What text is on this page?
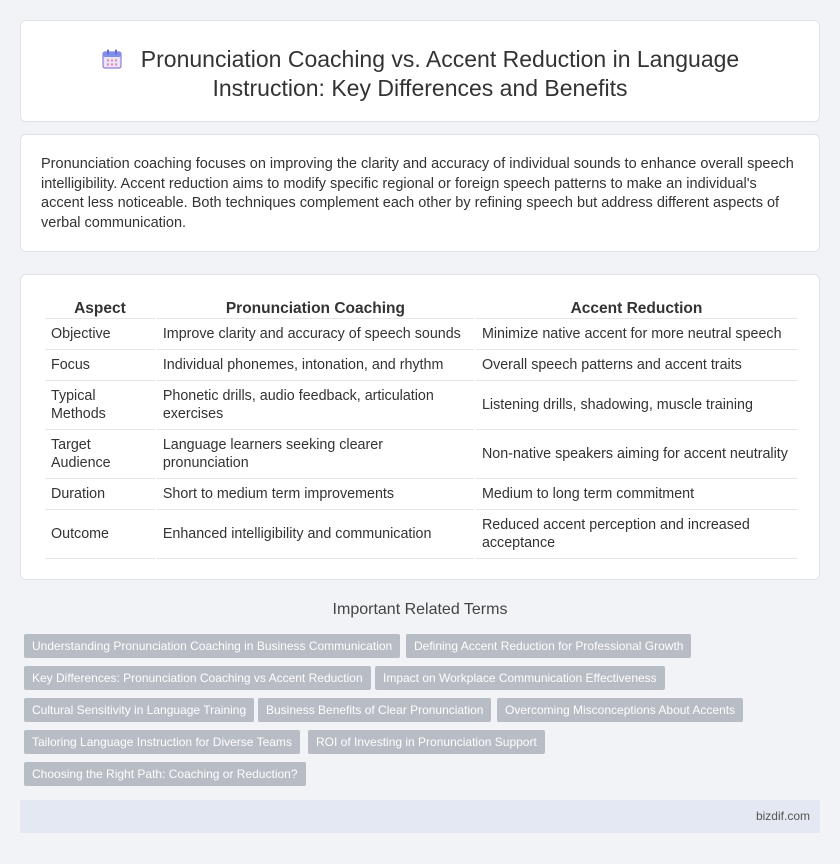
Pronunciation Coaching vs. Accent Reduction in Language
Instruction: Key Differences and Benefits

Pronunciation coaching focuses on improving the clarity and accuracy of individual sounds to enhance overall speech intelligibility. Accent reduction aims to modify specific regional or foreign speech patterns to make an individual's accent less noticeable. Both techniques complement each other by refining speech but address different aspects of verbal communication.

Aspect	Pronunciation Coaching	Accent Reduction
Objective	Improve clarity and accuracy of speech sounds	Minimize native accent for more neutral speech
Focus	Individual phonemes, intonation, and rhythm	Overall speech patterns and accent traits
Typical Methods	Phonetic drills, audio feedback, articulation exercises	Listening drills, shadowing, muscle training
Target Audience	Language learners seeking clearer pronunciation	Non-native speakers aiming for accent neutrality
Duration	Short to medium term improvements	Medium to long term commitment
Outcome	Enhanced intelligibility and communication	Reduced accent perception and increased acceptance
Important Related Terms
Understanding Pronunciation Coaching in Business Communication	Defining Accent Reduction for Professional Growth
Key Differences: Pronunciation Coaching vs Accent Reduction	Impact on Workplace Communication Effectiveness
Cultural Sensitivity in Language Training	Business Benefits of Clear Pronunciation	Overcoming Misconceptions About Accents
Tailoring Language Instruction for Diverse Teams	ROI of Investing in Pronunciation Support
Choosing the Right Path: Coaching or Reduction?
bizdif.com
